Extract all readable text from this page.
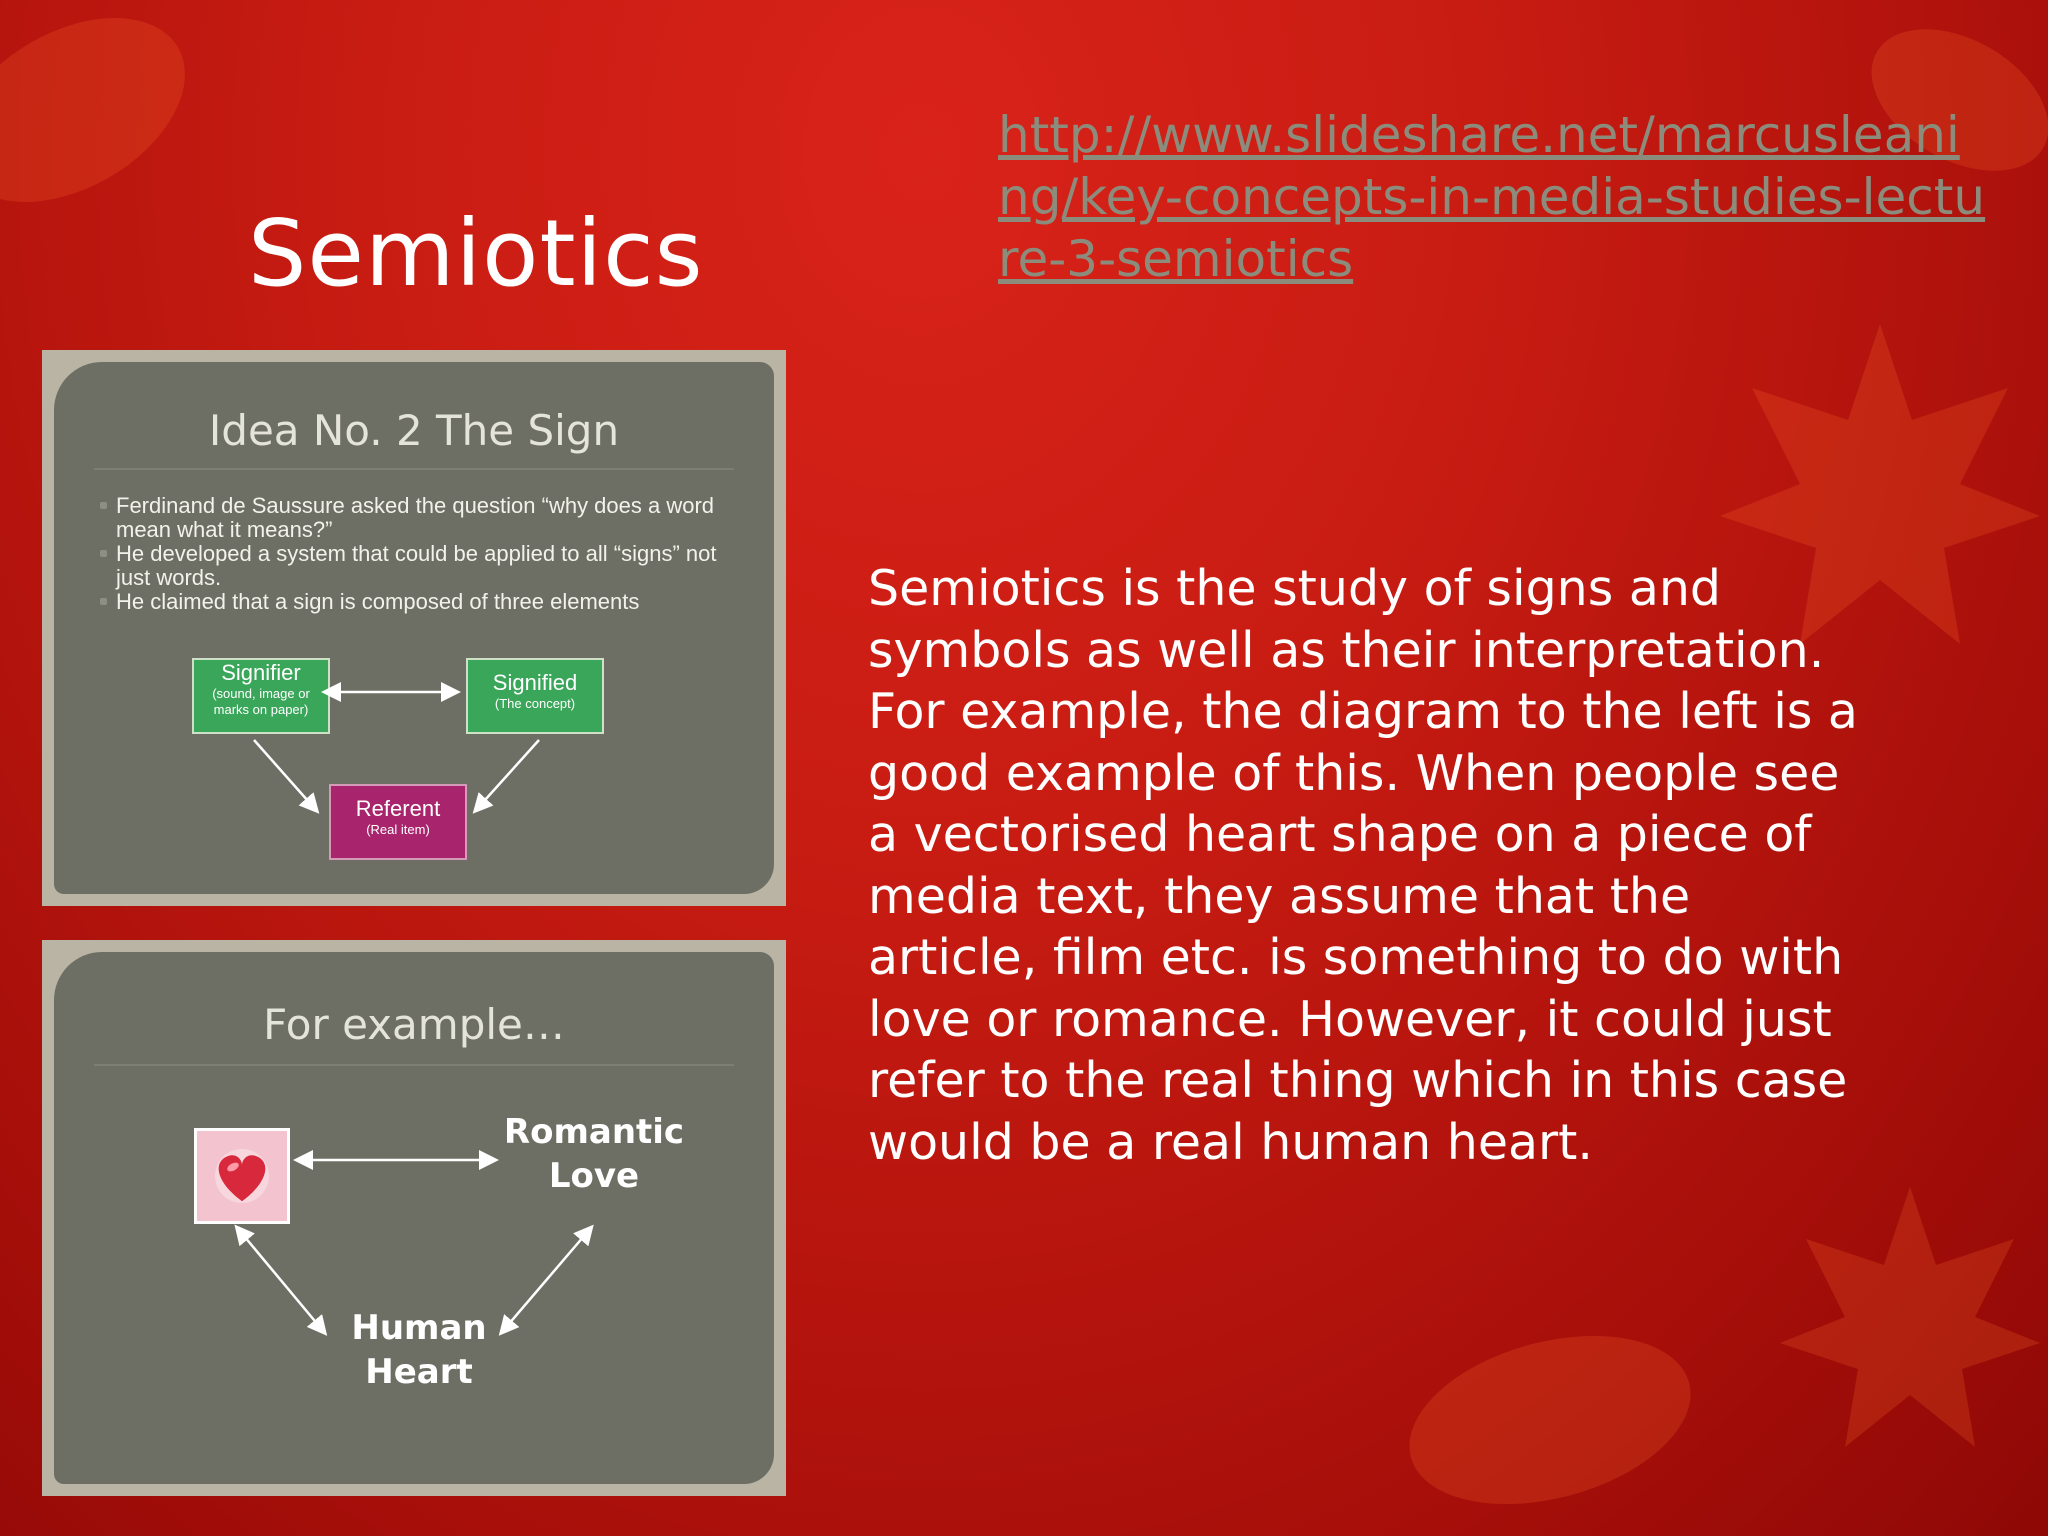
Semiotics
http://www.slideshare.net/marcusleaning/key-concepts-in-media-studies-lecture-3-semiotics

Semiotics is the study of signs and symbols as well as their interpretation. For example, the diagram to the left is a good example of this. When people see a vectorised heart shape on a piece of media text, they assume that the article, film etc. is something to do with love or romance. However, it could just refer to the real thing which in this case would be a real human heart.

Idea No. 2 The Sign
Ferdinand de Saussure asked the question “why does a word mean what it means?”
He developed a system that could be applied to all “signs” not just words.
He claimed that a sign is composed of three elements
Signifier
(sound, image or marks on paper)
Signified
(The concept)
Referent
(Real item)
For example…
Romantic Love
Human Heart
